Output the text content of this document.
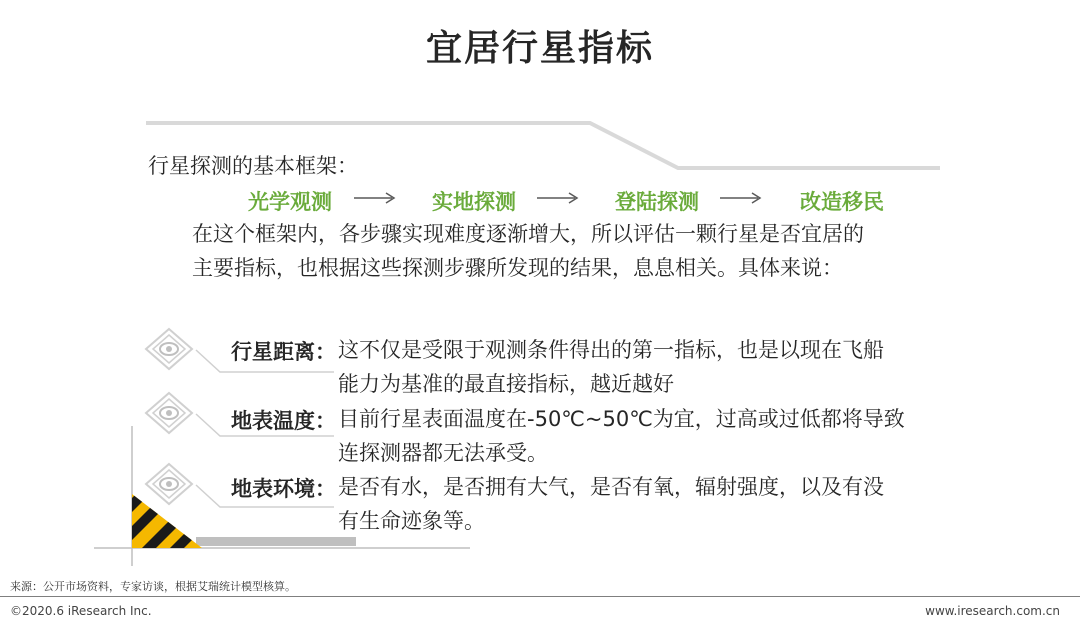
宜居行星指标
行星探测的基本框架：
光学观测	实地探测	登陆探测	改造移民
在这个框架内，各步骤实现难度逐渐增大，所以评估一颗行星是否宜居的
主要指标，也根据这些探测步骤所发现的结果，息息相关。具体来说：
行星距离： 这不仅是受限于观测条件得出的第一指标，也是以现在飞船
能力为基准的最直接指标，越近越好
地表温度： 目前行星表面温度在-50℃~50℃为宜，过高或过低都将导致
连探测器都无法承受。
地表环境： 是否有水，是否拥有大气，是否有氧，辐射强度，以及有没
有生命迹象等。
来源：公开市场资料，专家访谈，根据艾瑞统计模型核算。
©2020.6 iResearch Inc.	www.iresearch.com.cn
